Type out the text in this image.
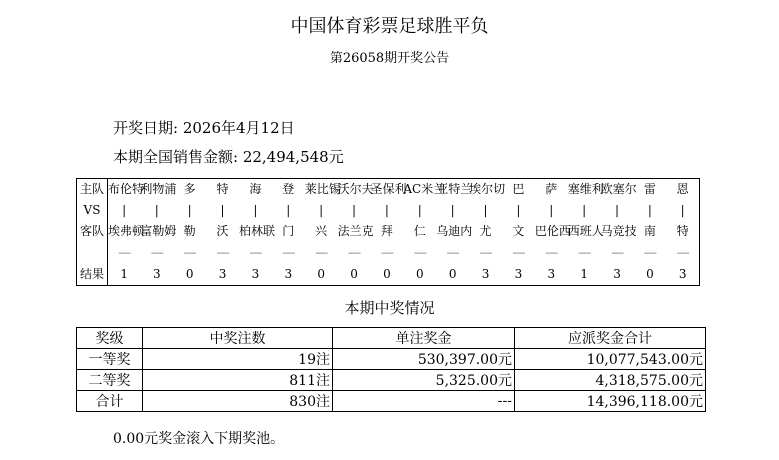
中国体育彩票足球胜平负
第26058期开奖公告
开奖日期: 2026年4月12日
本期全国销售金额: 22,494,548元
主队	布伦特	利物浦	多	特	海	登	莱比锡	沃尔夫	圣保利	AC米兰	亚特兰	埃尔切	巴	萨	塞维利	欧塞尔	雷	恩
VS	|	|	|	|	|	|	|	|	|	|	|	|	|	|	|	|	|	|
客队	埃弗顿	富勒姆	勒	沃	柏林联	门	兴	法兰克	拜	仁	乌迪内	尤	文	巴伦西	西班人	马竞技	南	特
	-----	-----	-----	-----	-----	-----	-----	-----	-----	-----	-----	-----	-----	-----	-----	-----	-----	-----
结果	1	3	0	3	3	3	0	0	0	0	0	3	3	3	1	3	0	3
本期中奖情况
奖级	中奖注数	单注奖金	应派奖金合计
一等奖	19注	530,397.00元	10,077,543.00元
二等奖	811注	5,325.00元	4,318,575.00元
合计	830注	---	14,396,118.00元
0.00元奖金滚入下期奖池。
